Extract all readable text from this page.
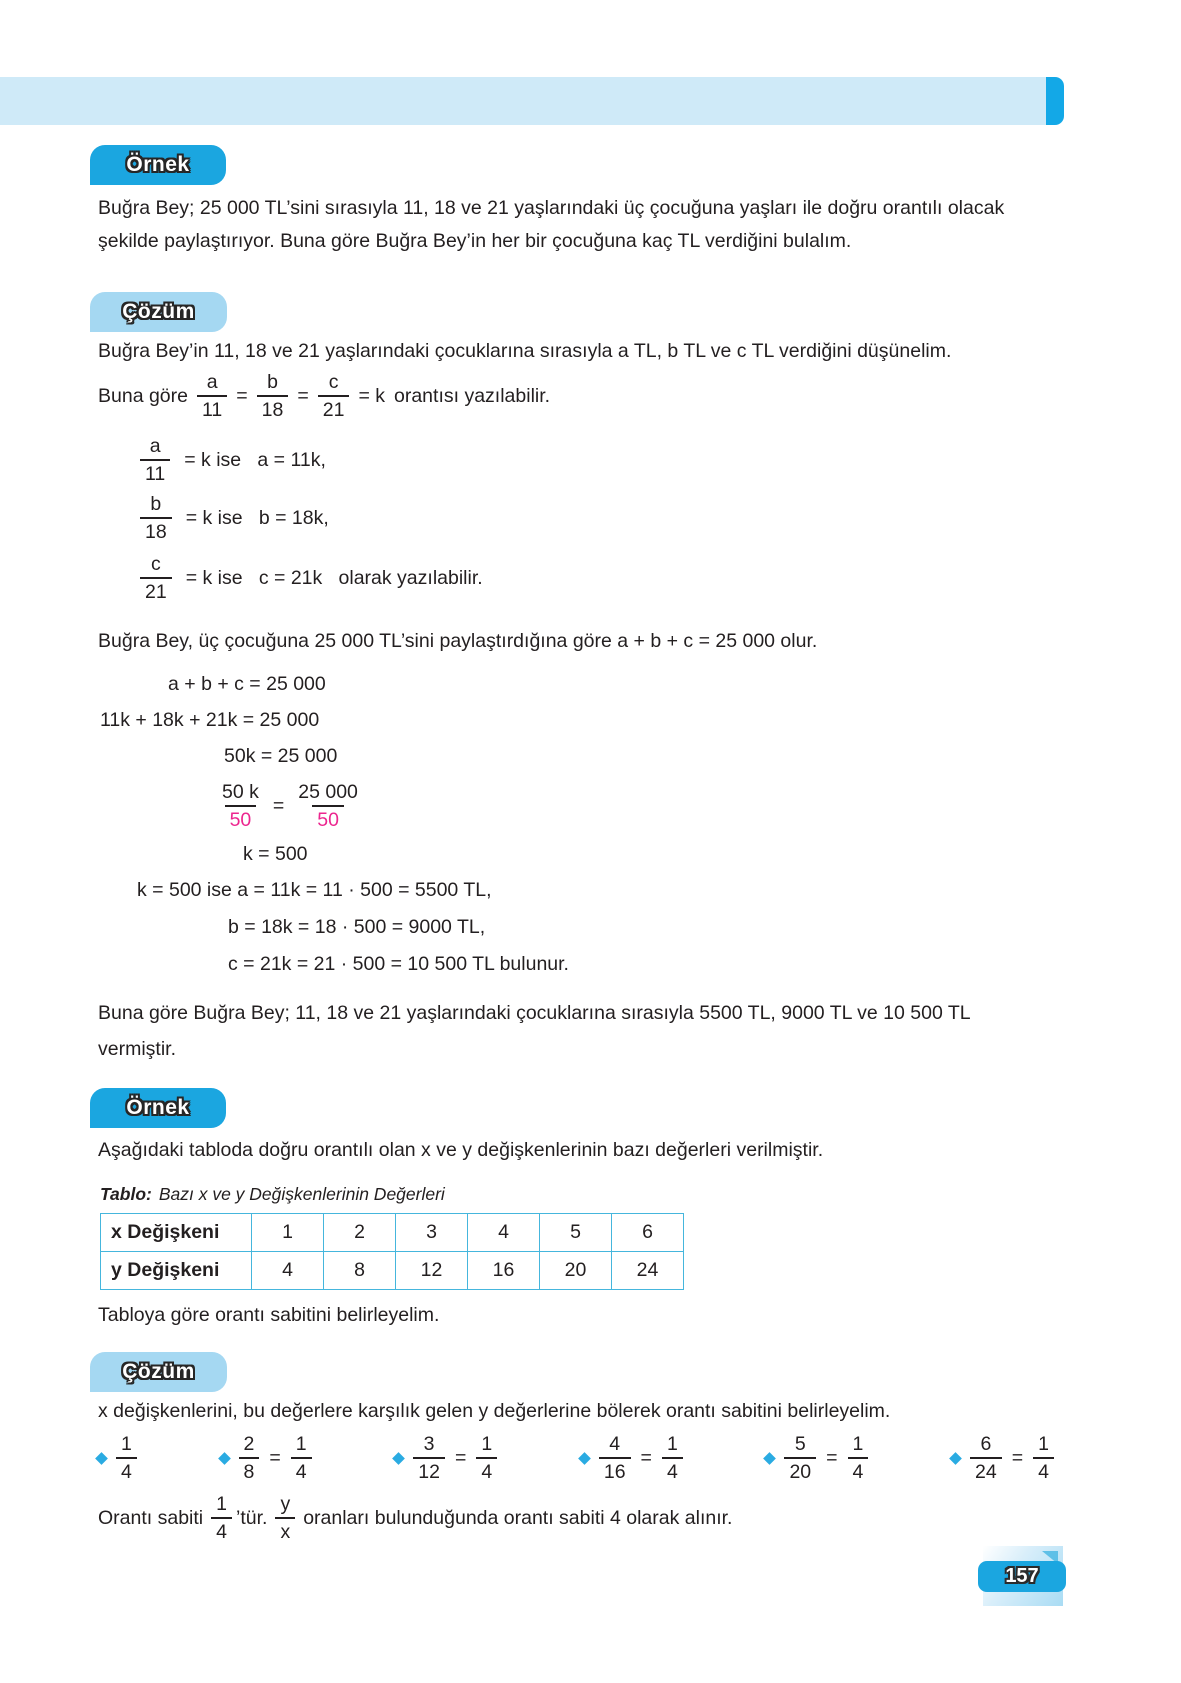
Örnek
Buğra Bey; 25 000 TL’sini sırasıyla 11, 18 ve 21 yaşlarındaki üç çocuğuna yaşları ile doğru orantılı olacak
şekilde paylaştırıyor. Buna göre Buğra Bey’in her bir çocuğuna kaç TL verdiğini bulalım.
Çözüm
Buğra Bey’in 11, 18 ve 21 yaşlarındaki çocuklarına sırasıyla a TL, b TL ve c TL verdiğini düşünelim.
Buna göre $\frac{a}{11} = \frac{b}{18} = \frac{c}{21} = k$ orantısı yazılabilir.
$\frac{a}{11} = k$ ise   a = 11k,
$\frac{b}{18} = k$ ise   b = 18k,
$\frac{c}{21} = k$ ise   c = 21k   olarak yazılabilir.
Buğra Bey, üç çocuğuna 25 000 TL’sini paylaştırdığına göre a + b + c = 25 000 olur.
a + b + c = 25 000
11k + 18k + 21k = 25 000
50k = 25 000
$\frac{50 k}{50} = \frac{25 000}{50}$
k = 500
k = 500 ise a = 11k = 11 · 500 = 5500 TL,
b = 18k = 18 · 500 = 9000 TL,
c = 21k = 21 · 500 = 10 500 TL bulunur.
Buna göre Buğra Bey; 11, 18 ve 21 yaşlarındaki çocuklarına sırasıyla 5500 TL, 9000 TL ve 10 500 TL
vermiştir.
Örnek
Aşağıdaki tabloda doğru orantılı olan x ve y değişkenlerinin bazı değerleri verilmiştir.
Tablo: Bazı x ve y Değişkenlerinin Değerleri
x Değişkeni	1	2	3	4	5	6
y Değişkeni	4	8	12	16	20	24
Tabloya göre orantı sabitini belirleyelim.
Çözüm
x değişkenlerini, bu değerlere karşılık gelen y değerlerine bölerek orantı sabitini belirleyelim.
$\frac{1}{4}$	$\frac{2}{8} = \frac{1}{4}$	$\frac{3}{12} = \frac{1}{4}$	$\frac{4}{16} = \frac{1}{4}$	$\frac{5}{20} = \frac{1}{4}$	$\frac{6}{24} = \frac{1}{4}$
Orantı sabiti $\frac{1}{4}$ ’tür. $\frac{y}{x}$ oranları bulunduğunda orantı sabiti 4 olarak alınır.
157
